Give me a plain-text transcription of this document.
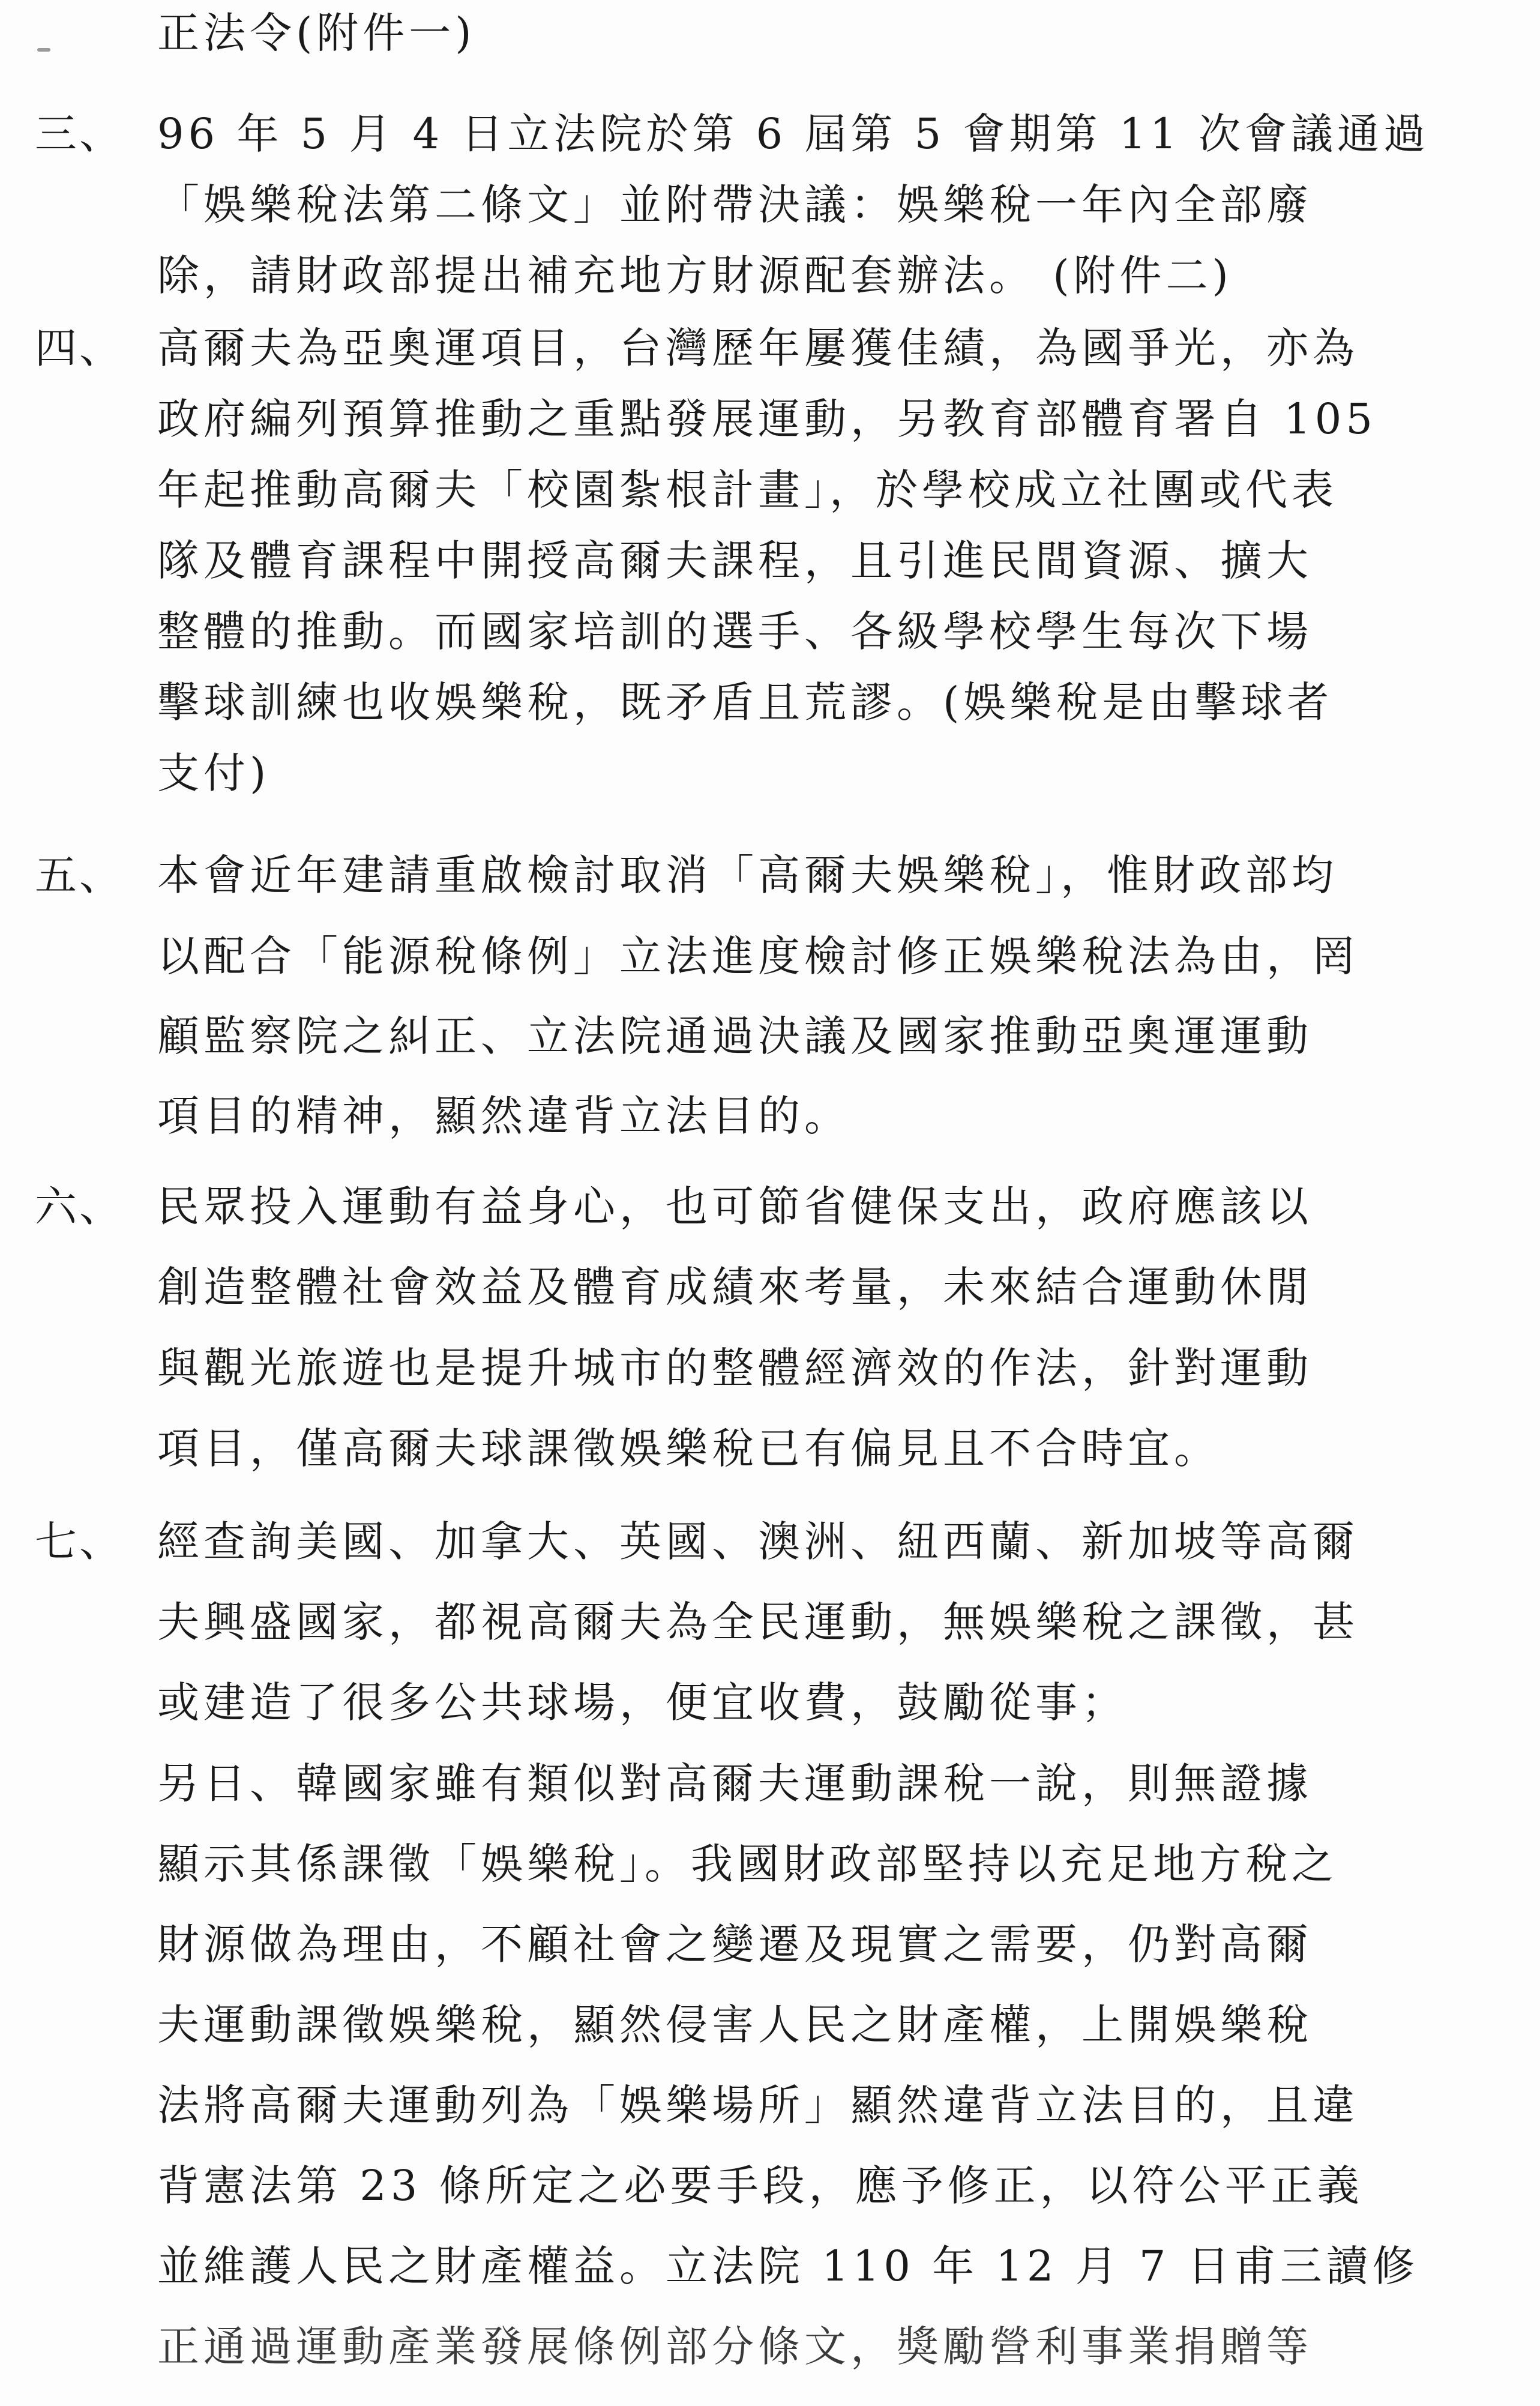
正法令(附件一)
三、 96 年 5 月 4 日立法院於第 6 屆第 5 會期第 11 次會議通過
「娛樂稅法第二條文」並附帶決議：娛樂稅一年內全部廢
除，請財政部提出補充地方財源配套辦法。 (附件二)
四、 高爾夫為亞奧運項目，台灣歷年屢獲佳績，為國爭光，亦為
政府編列預算推動之重點發展運動，另教育部體育署自 105
年起推動高爾夫「校園紮根計畫」，於學校成立社團或代表
隊及體育課程中開授高爾夫課程，且引進民間資源、擴大
整體的推動。而國家培訓的選手、各級學校學生每次下場
擊球訓練也收娛樂稅，既矛盾且荒謬。(娛樂稅是由擊球者
支付)
五、 本會近年建請重啟檢討取消「高爾夫娛樂稅」，惟財政部均
以配合「能源稅條例」立法進度檢討修正娛樂稅法為由，罔
顧監察院之糾正、立法院通過決議及國家推動亞奧運運動
項目的精神，顯然違背立法目的。
六、 民眾投入運動有益身心，也可節省健保支出，政府應該以
創造整體社會效益及體育成績來考量，未來結合運動休閒
與觀光旅遊也是提升城市的整體經濟效的作法，針對運動
項目，僅高爾夫球課徵娛樂稅已有偏見且不合時宜。
七、 經查詢美國、加拿大、英國、澳洲、紐西蘭、新加坡等高爾
夫興盛國家，都視高爾夫為全民運動，無娛樂稅之課徵，甚
或建造了很多公共球場，便宜收費，鼓勵從事；
另日、韓國家雖有類似對高爾夫運動課稅一說，則無證據
顯示其係課徵「娛樂稅」。我國財政部堅持以充足地方稅之
財源做為理由，不顧社會之變遷及現實之需要，仍對高爾
夫運動課徵娛樂稅，顯然侵害人民之財產權，上開娛樂稅
法將高爾夫運動列為「娛樂場所」顯然違背立法目的，且違
背憲法第 23 條所定之必要手段，應予修正，以符公平正義
並維護人民之財產權益。立法院 110 年 12 月 7 日甫三讀修
正通過運動產業發展條例部分條文，獎勵營利事業捐贈等
